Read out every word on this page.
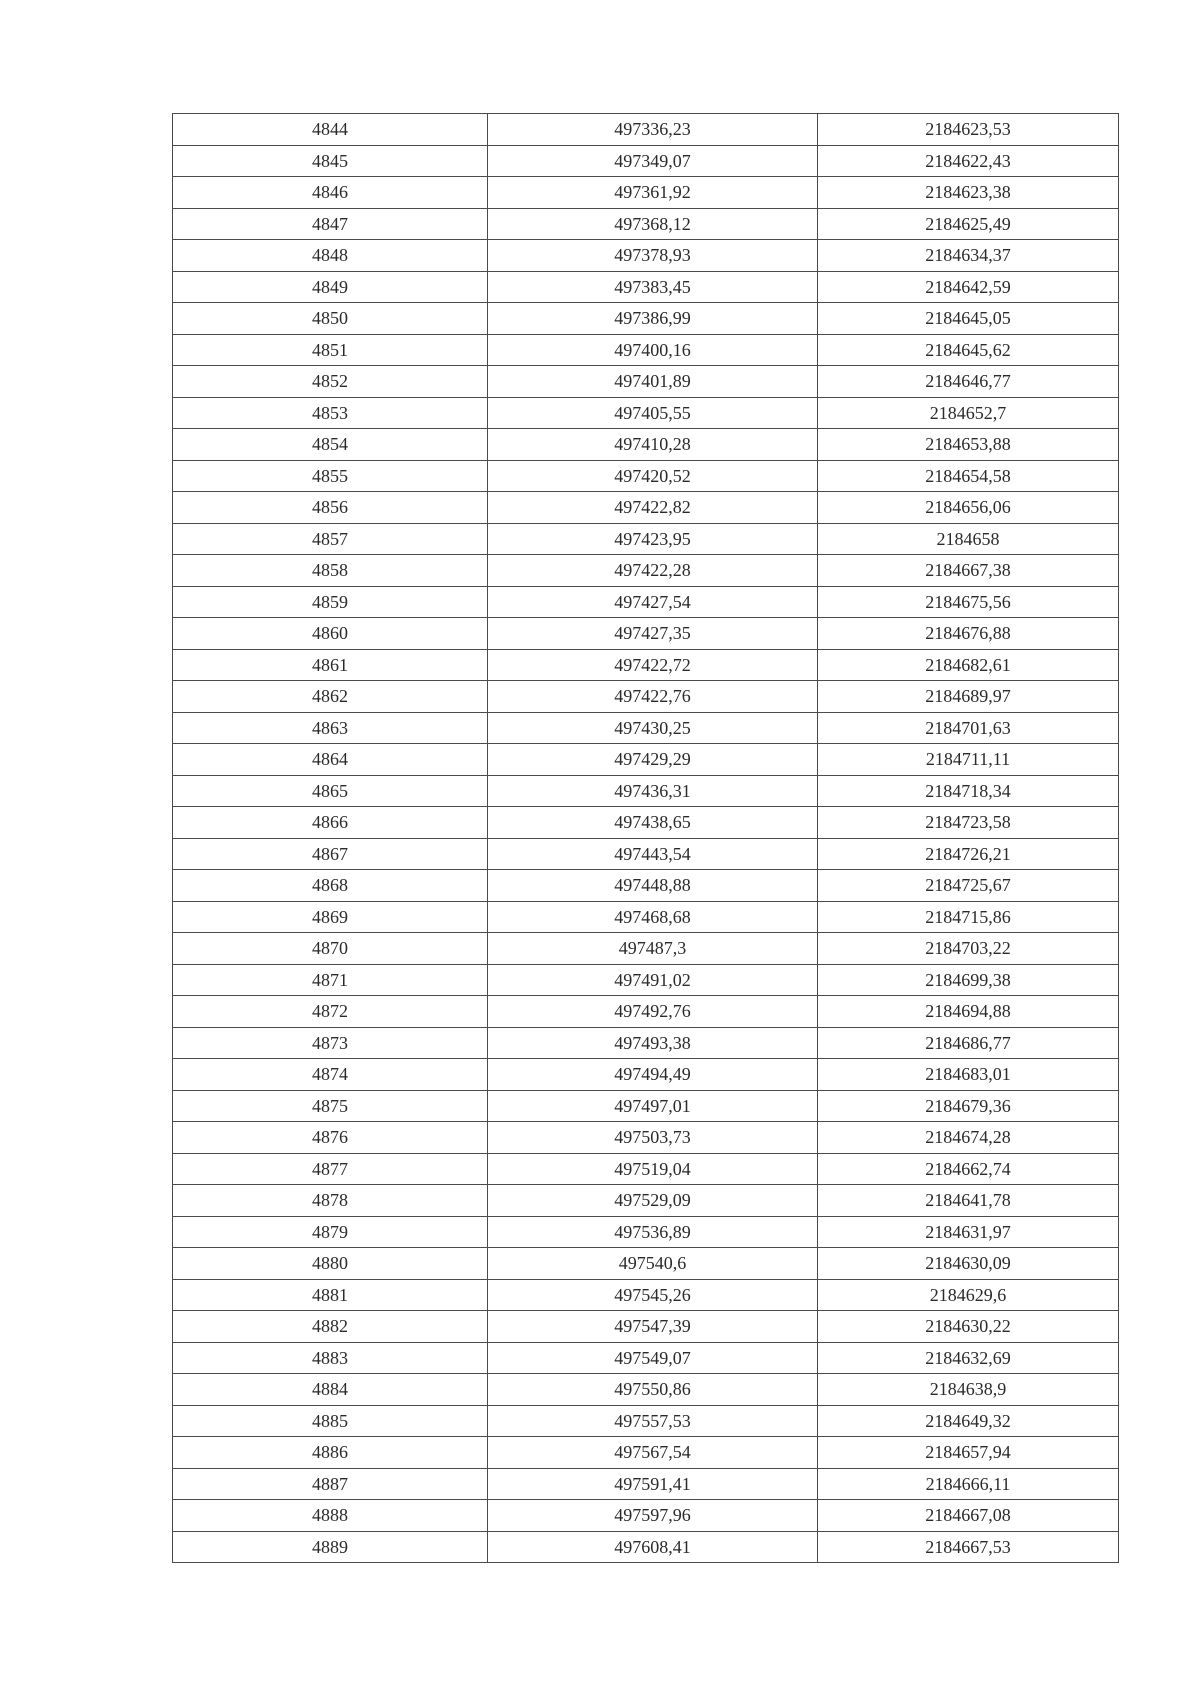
4844	497336,23	2184623,53
4845	497349,07	2184622,43
4846	497361,92	2184623,38
4847	497368,12	2184625,49
4848	497378,93	2184634,37
4849	497383,45	2184642,59
4850	497386,99	2184645,05
4851	497400,16	2184645,62
4852	497401,89	2184646,77
4853	497405,55	2184652,7
4854	497410,28	2184653,88
4855	497420,52	2184654,58
4856	497422,82	2184656,06
4857	497423,95	2184658
4858	497422,28	2184667,38
4859	497427,54	2184675,56
4860	497427,35	2184676,88
4861	497422,72	2184682,61
4862	497422,76	2184689,97
4863	497430,25	2184701,63
4864	497429,29	2184711,11
4865	497436,31	2184718,34
4866	497438,65	2184723,58
4867	497443,54	2184726,21
4868	497448,88	2184725,67
4869	497468,68	2184715,86
4870	497487,3	2184703,22
4871	497491,02	2184699,38
4872	497492,76	2184694,88
4873	497493,38	2184686,77
4874	497494,49	2184683,01
4875	497497,01	2184679,36
4876	497503,73	2184674,28
4877	497519,04	2184662,74
4878	497529,09	2184641,78
4879	497536,89	2184631,97
4880	497540,6	2184630,09
4881	497545,26	2184629,6
4882	497547,39	2184630,22
4883	497549,07	2184632,69
4884	497550,86	2184638,9
4885	497557,53	2184649,32
4886	497567,54	2184657,94
4887	497591,41	2184666,11
4888	497597,96	2184667,08
4889	497608,41	2184667,53
